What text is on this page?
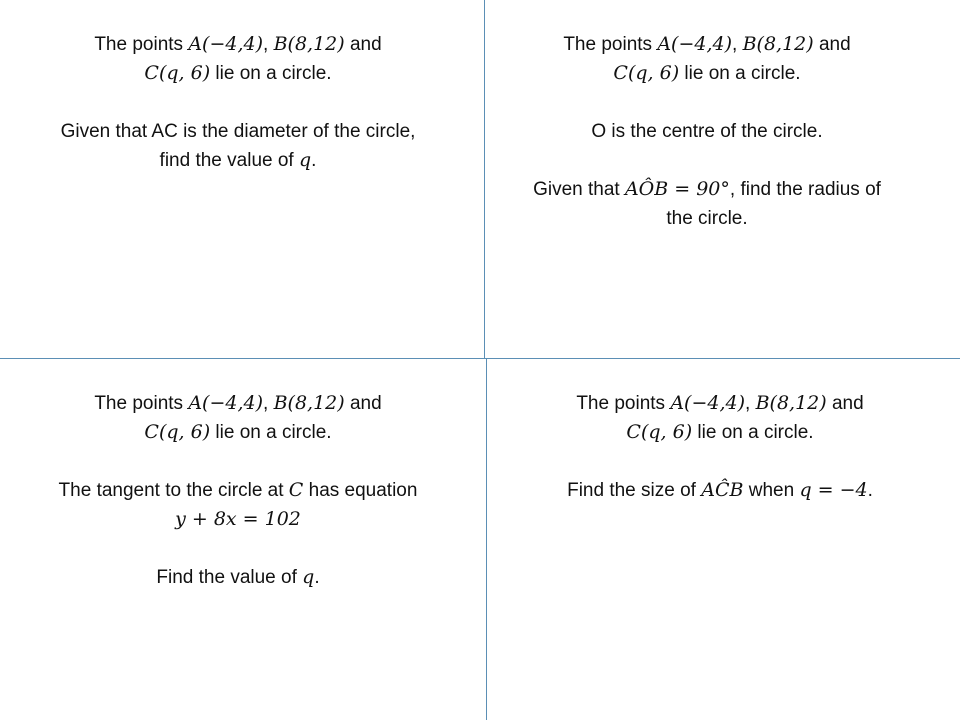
The points A(−4,4), B(8,12) and
C(q, 6) lie on a circle.
Given that AC is the diameter of the circle,
find the value of q.
The points A(−4,4), B(8,12) and
C(q, 6) lie on a circle.
O is the centre of the circle.
Given that AÔB = 90°, find the radius of
the circle.
The points A(−4,4), B(8,12) and
C(q, 6) lie on a circle.
The tangent to the circle at C has equation
y + 8x = 102
Find the value of q.
The points A(−4,4), B(8,12) and
C(q, 6) lie on a circle.
Find the size of AĈB when q = −4.
